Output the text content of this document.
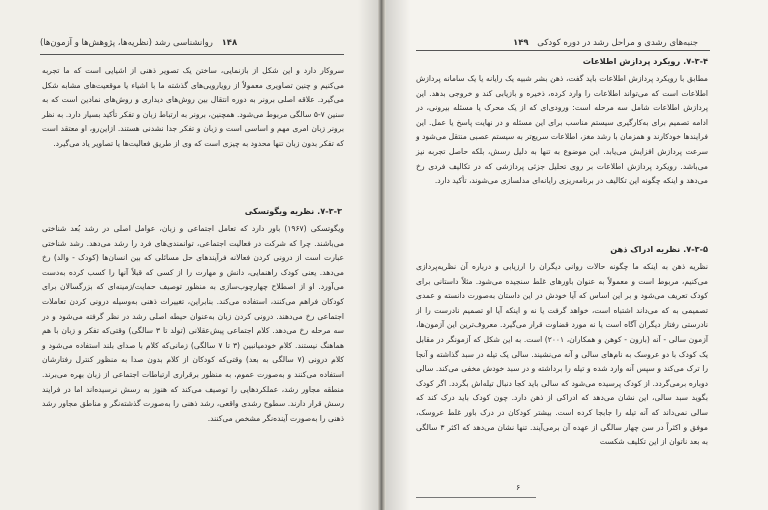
۱۴۸ روانشناسی رشد (نظریه‌ها، پژوهش‌ها و آزمون‌ها)
سروکار دارد و این شکل از بازنمایی، ساختن یک تصویر ذهنی از اشیایی است که ما تجربه می‌کنیم و چنین تصاویری معمولاً از رویارویی‌های گذشته ما با اشیاء یا موقعیت‌های مشابه شکل می‌گیرد. علاقه اصلی برونر به دوره انتقال بین روش‌های دیداری و روش‌های نمادین است که به سنین ۷-۵ سالگی مربوط می‌شود. همچنین، برونر به ارتباط زبان و تفکر تأکید بسیار دارد. به نظر برونر زبان امری مهم و اساسی است و زبان و تفکر جدا نشدنی هستند. ازاین‌رو، او معتقد است که تفکر بدون زبان تنها محدود به چیزی است که وی از طریق فعالیت‌ها یا تصاویر یاد می‌گیرد.
۷-۳-۳. نظریه ویگوتسکی
ویگوتسکی (۱۹۶۷) باور دارد که تعامل اجتماعی و زبان، عوامل اصلی در رشد بُعد شناختی می‌باشند. چرا که شرکت در فعالیت اجتماعی، توانمندی‌های فرد را رشد می‌دهد. رشد شناختی عبارت است از درونی کردن فعالانه فرآیندهای حل مسائلی که بین انسان‌ها (کودک - والد) رخ می‌دهد. یعنی کودک راهنمایی، دانش و مهارت را از کسی که قبلاً آنها را کسب کرده به‌دست می‌آورد. او از اصطلاح چهارچوب‌سازی به منظور توصیف حمایت/زمینه‌ای که بزرگسالان برای کودکان فراهم می‌کنند، استفاده می‌کند. بنابراین، تغییرات ذهنی به‌وسیله درونی کردن تعاملات اجتماعی رخ می‌دهند. درونی کردن زبان به‌عنوان حیطه اصلی رشد در نظر گرفته می‌شود و در سه مرحله رخ می‌دهد. کلام اجتماعی پیش‌عقلانی (تولد تا ۳ سالگی) وقتی‌که تفکر و زبان با هم هماهنگ نیستند. کلام خودمیانبین (۳ تا ۷ سالگی) زمانی‌که کلام با صدای بلند استفاده می‌شود و کلام درونی (۷ سالگی به بعد) وقتی‌که کودکان از کلام بدون صدا به منظور کنترل رفتارشان استفاده می‌کنند و به‌صورت عموم، به منظور برقراری ارتباطات اجتماعی از زبان بهره می‌برند. منطقه مجاور رشد، عملکردهایی را توصیف می‌کند که هنوز به رسش نرسیده‌اند اما در فرایند رسش قرار دارند. سطوح رشدی واقعی، رشد ذهنی را به‌صورت گذشته‌نگر و مناطق مجاور رشد ذهنی را به‌صورت آینده‌نگر مشخص می‌کنند.
جنبه‌های رشدی و مراحل رشد در دوره کودکی ۱۴۹
۷-۳-۴. رویکرد پردازش اطلاعات
مطابق با رویکرد پردازش اطلاعات باید گفت، ذهن بشر شبیه یک رایانه یا یک سامانه پردازش اطلاعات است که می‌تواند اطلاعات را وارد کرده، ذخیره و بازیابی کند و خروجی بدهد. این پردازش اطلاعات شامل سه مرحله است: ورودی‌ای که از یک محرک یا مسئله بیرونی، در ادامه تصمیم برای به‌کارگیری سیستم مناسب برای این مسئله و در نهایت پاسخ یا عمل. این فرایندها خودکارند و همزمان با رشد مغز، اطلاعات سریع‌تر به سیستم عصبی منتقل می‌شود و سرعت پردازش افزایش می‌یابد. این موضوع به تنها به دلیل رسش، بلکه حاصل تجربه نیز می‌باشد. رویکرد پردازش اطلاعات بر روی تحلیل جزئی پردازشی که در تکالیف فردی رخ می‌دهد و اینکه چگونه این تکالیف در برنامه‌ریزی رایانه‌ای مدلسازی می‌شوند، تأکید دارد.
۷-۳-۵. نظریه ادراک ذهن
نظریه ذهن به اینکه ما چگونه حالات روانی دیگران را ارزیابی و درباره آن نظریه‌پردازی می‌کنیم، مربوط است و معمولاً به عنوان باورهای غلط سنجیده می‌شود. مثلاً داستانی برای کودک تعریف می‌شود و بر این اساس که آیا خودش در این داستان به‌صورت دانسته و عمدی تصمیمی به که می‌داند اشتباه است، خواهد گرفت یا نه و اینکه آیا او تصمیم نادرست را از نادرستی رفتار دیگران آگاه است یا نه مورد قضاوت قرار می‌گیرد. معروف‌ترین این آزمون‌ها، آزمون سالی - آنه (بارون - کوهن و همکاران، ۲۰۰۱) است. به این شکل که آزمونگر در مقابل یک کودک با دو عروسک به نام‌های سالی و آنه می‌نشیند. سالی یک تیله در سبد گذاشته و آنجا را ترک می‌کند و سپس آنه وارد شده و تیله را برداشته و در سبد خودش مخفی می‌کند. سالی دوباره برمی‌گردد. از کودک پرسیده می‌شود که سالی باید کجا دنبال تیله‌اش بگردد. اگر کودک بگوید سبد سالی، این نشان می‌دهد که ادراکی از ذهن دارد. چون کودک باید درک کند که سالی نمی‌داند که آنه تیله را جابجا کرده است. بیشتر کودکان در درک باور غلط عروسک، موفق و اکثراً در سن چهار سالگی از عهده آن برمی‌آیند. تنها نشان می‌دهد که اکثر ۳ سالگی به بعد ناتوان از این تکلیف شکست
۶
